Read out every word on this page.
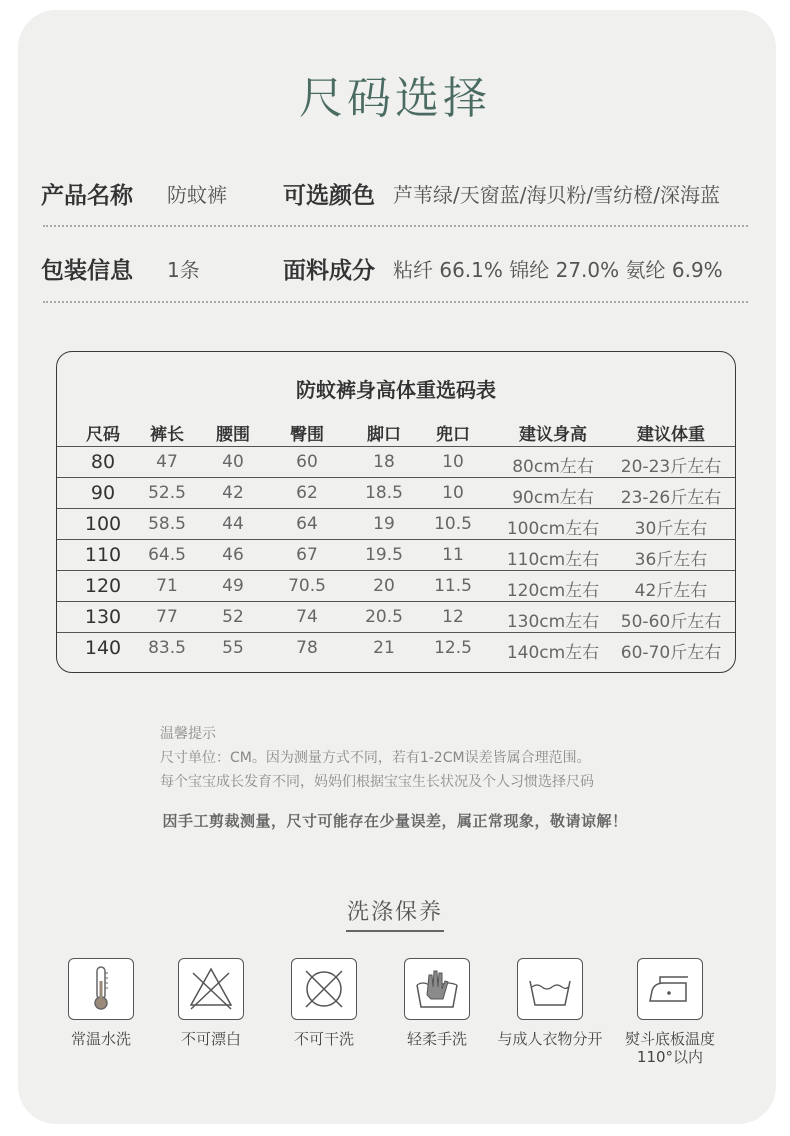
尺码选择
产品名称 防蚊裤 可选颜色 芦苇绿/天窗蓝/海贝粉/雪纺橙/深海蓝
包装信息 1条	面料成分 粘纤 66.1% 锦纶 27.0% 氨纶 6.9%
防蚊裤身高体重选码表
尺码	裤长	腰围	臀围	脚口	兜口	建议身高	建议体重
80	47	40	60	18	10	80cm左右	20-23斤左右
90	52.5	42	62	18.5	10	90cm左右	23-26斤左右
100	58.5	44	64	19	10.5	100cm左右	30斤左右
110	64.5	46	67	19.5	11	110cm左右	36斤左右
120	71	49	70.5	20	11.5	120cm左右	42斤左右
130	77	52	74	20.5	12	130cm左右	50-60斤左右
140	83.5	55	78	21	12.5	140cm左右	60-70斤左右
温馨提示
尺寸单位：CM。因为测量方式不同，若有1-2CM误差皆属合理范围。
每个宝宝成长发育不同，妈妈们根据宝宝生长状况及个人习惯选择尺码
因手工剪裁测量，尺寸可能存在少量误差，属正常现象，敬请谅解！
洗涤保养
常温水洗	不可漂白	不可干洗	轻柔手洗	与成人衣物分开	熨斗底板温度
110°以内
